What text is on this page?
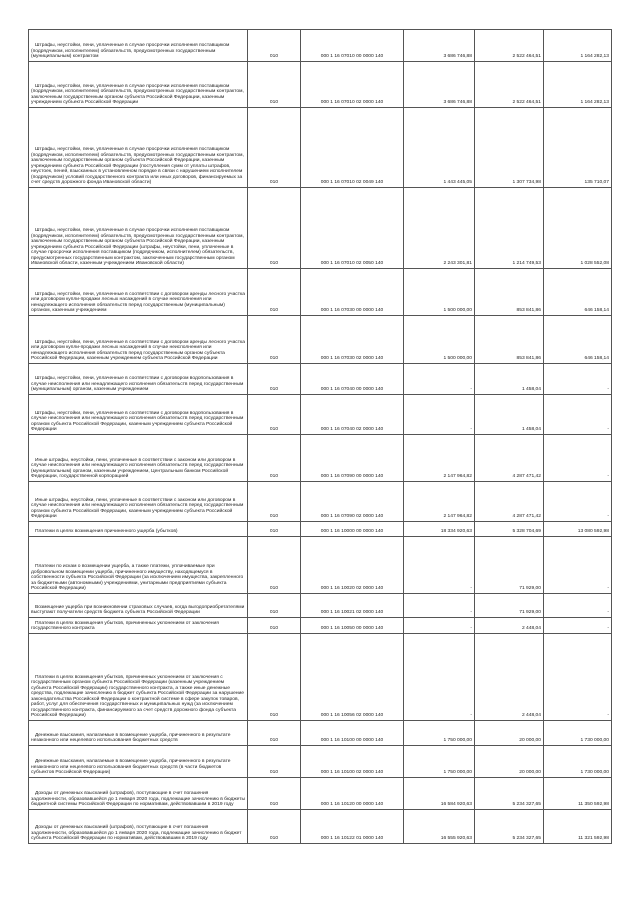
Штрафы, неустойки, пени, уплаченные в случае просрочки исполнения поставщиком (подрядчиком, исполнителем) обязательств, предусмотренных государственным (муниципальным) контрактом	010	000 1 16 07010 00 0000 140	3 686 746,88	2 522 464,51	1 164 282,13

Штрафы, неустойки, пени, уплаченные в случае просрочки исполнения поставщиком (подрядчиком, исполнителем) обязательств, предусмотренных государственным контрактом, заключенным государственным органом субъекта Российской Федерации, казенным учреждением субъекта Российской Федерации	010	000 1 16 07010 02 0000 140	3 686 746,88	2 522 464,51	1 164 282,13

Штрафы, неустойки, пени, уплаченные в случае просрочки исполнения поставщиком (подрядчиком, исполнителем) обязательств, предусмотренных государственным контрактом, заключенным государственным органом субъекта Российской Федерации, казенным учреждением субъекта Российской Федерации (поступления сумм от уплаты штрафов, неустоек, пеней, взысканных в установленном порядке в связи с нарушением исполнителем (подрядчиком) условий государственного контракта или иных договоров, финансируемых за счет средств дорожного фонда Ивановской области)	010	000 1 16 07010 02 0049 140	1 443 445,05	1 307 734,98	135 710,07

Штрафы, неустойки, пени, уплаченные в случае просрочки исполнения поставщиком (подрядчиком, исполнителем) обязательств, предусмотренных государственным контрактом, заключенным государственным органом субъекта Российской Федерации, казенным учреждением субъекта Российской Федерации (штрафы, неустойки, пени, уплаченные в случае просрочки исполнения поставщиком (подрядчиком, исполнителем) обязательств, предусмотренных государственным контрактом, заключенным государственным органом Ивановской области, казенным учреждением Ивановской области)	010	000 1 16 07010 02 0050 140	2 243 301,81	1 214 749,53	1 028 552,08

Штрафы, неустойки, пени, уплаченные в соответствии с договором аренды лесного участка или договором купли-продажи лесных насаждений в случае неисполнения или ненадлежащего исполнения обязательств перед государственным (муниципальным) органом, казенным учреждением	010	000 1 16 07030 00 0000 140	1 500 000,00	853 841,86	646 158,14

Штрафы, неустойки, пени, уплаченные в соответствии с договором аренды лесного участка или договором купли-продажи лесных насаждений в случае неисполнения или ненадлежащего исполнения обязательств перед государственным органом субъекта Российской Федерации, казенным учреждением субъекта Российской Федерации	010	000 1 16 07030 02 0000 140	1 500 000,00	853 841,86	646 158,14

Штрафы, неустойки, пени, уплаченные в соответствии с договором водопользования в случае неисполнения или ненадлежащего исполнения обязательств перед государственным (муниципальным) органом, казенным учреждением	010	000 1 16 07040 00 0000 140	-	1 458,04	-

Штрафы, неустойки, пени, уплаченные в соответствии с договором водопользования в случае неисполнения или ненадлежащего исполнения обязательств перед государственным органом субъекта Российской Федерации, казенным учреждением субъекта Российской Федерации	010	000 1 16 07040 02 0000 140	-	1 458,04	-

Иные штрафы, неустойки, пени, уплаченные в соответствии с законом или договором в случае неисполнения или ненадлежащего исполнения обязательств перед государственным (муниципальным) органом, казенным учреждением, Центральным банком Российской Федерации, государственной корпорацией	010	000 1 16 07090 00 0000 140	2 147 964,82	4 287 471,42	-

Иные штрафы, неустойки, пени, уплаченные в соответствии с законом или договором в случае неисполнения или ненадлежащего исполнения обязательств перед государственным органом субъекта Российской Федерации, казенным учреждением субъекта Российской Федерации	010	000 1 16 07090 02 0000 140	2 147 964,82	4 287 471,42	-

Платежи в целях возмещения причиненного ущерба (убытков)	010	000 1 16 10000 00 0000 140	18 334 920,63	5 328 704,69	13 080 592,98

Платежи по искам о возмещении ущерба, а также платежи, уплачиваемые при добровольном возмещении ущерба, причиненного имуществу, находящемуся в собственности субъекта Российской Федерации (за исключением имущества, закрепленного за бюджетными (автономными) учреждениями, унитарными предприятиями субъекта Российской Федерации)	010	000 1 16 10020 02 0000 140	-	71 929,00	-

Возмещение ущерба при возникновении страховых случаев, когда выгодоприобретателями выступают получатели средств бюджета субъекта Российской Федерации	010	000 1 16 10021 02 0000 140	-	71 929,00	-

Платежи в целях возмещения убытков, причиненных уклонением от заключения государственного контракта	010	000 1 16 10050 00 0000 140	-	2 448,04	-

Платежи в целях возмещения убытков, причиненных уклонением от заключения с государственным органом субъекта Российской Федерации (казенным учреждением субъекта Российской Федерации) государственного контракта, а также иные денежные средства, подлежащие зачислению в бюджет субъекта Российской Федерации за нарушение законодательства Российской Федерации о контрактной системе в сфере закупок товаров, работ, услуг для обеспечения государственных и муниципальных нужд (за исключением государственного контракта, финансируемого за счет средств дорожного фонда субъекта Российской Федерации)	010	000 1 16 10056 02 0000 140	-	2 448,04	-

Денежные взыскания, налагаемые в возмещение ущерба, причиненного в результате незаконного или нецелевого использования бюджетных средств	010	000 1 16 10100 00 0000 140	1 750 000,00	20 000,00	1 730 000,00

Денежные взыскания, налагаемые в возмещение ущерба, причиненного в результате незаконного или нецелевого использования бюджетных средств (в части бюджетов субъектов Российской Федерации)	010	000 1 16 10100 02 0000 140	1 750 000,00	20 000,00	1 730 000,00

Доходы от денежных взысканий (штрафов), поступающие в счет погашения задолженности, образовавшейся до 1 января 2020 года, подлежащие зачислению в бюджеты бюджетной системы Российской Федерации по нормативам, действовавшим в 2019 году	010	000 1 16 10120 00 0000 140	16 584 920,63	5 234 327,65	11 350 592,98

Доходы от денежных взысканий (штрафов), поступающие в счет погашения задолженности, образовавшейся до 1 января 2020 года, подлежащие зачислению в бюджет субъекта Российской Федерации по нормативам, действовавшим в 2019 году	010	000 1 16 10122 01 0000 140	16 555 920,63	5 234 327,65	11 321 592,98
